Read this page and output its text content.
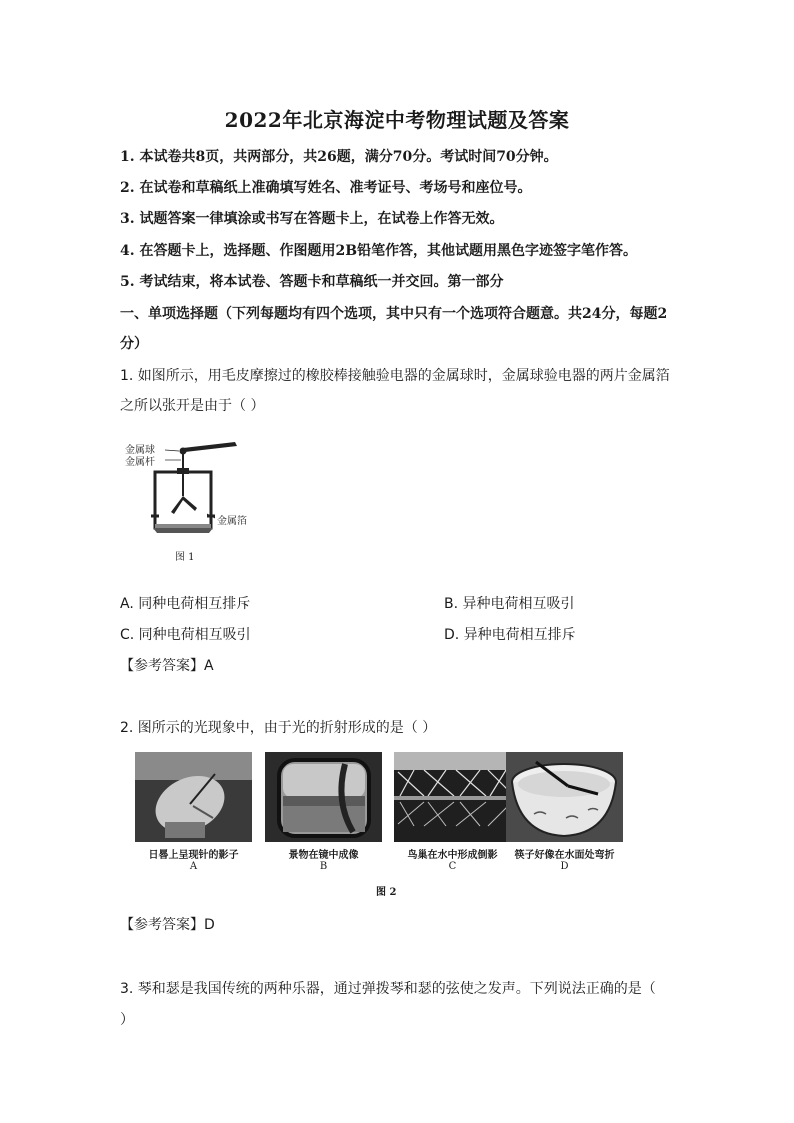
2022年北京海淀中考物理试题及答案
1. 本试卷共8页，共两部分，共26题，满分70分。考试时间70分钟。
2. 在试卷和草稿纸上准确填写姓名、准考证号、考场号和座位号。
3. 试题答案一律填涂或书写在答题卡上，在试卷上作答无效。
4. 在答题卡上，选择题、作图题用2B铅笔作答，其他试题用黑色字迹签字笔作答。
5. 考试结束，将本试卷、答题卡和草稿纸一并交回。第一部分
一、单项选择题（下列每题均有四个选项，其中只有一个选项符合题意。共24分，每题2
分）
1. 如图所示，用毛皮摩擦过的橡胶棒接触验电器的金属球时，金属球验电器的两片金属箔
之所以张开是由于（ ）
金属球
金属杆
金属箔
图 1
A. 同种电荷相互排斥	B. 异种电荷相互吸引
C. 同种电荷相互吸引	D. 异种电荷相互排斥
【参考答案】A
2. 图所示的光现象中，由于光的折射形成的是（ ）
日晷上呈现针的影子
A
景物在镜中成像
B
鸟巢在水中形成倒影
C
筷子好像在水面处弯折
D
图 2
【参考答案】D
3. 琴和瑟是我国传统的两种乐器，通过弹拨琴和瑟的弦使之发声。下列说法正确的是（
）
